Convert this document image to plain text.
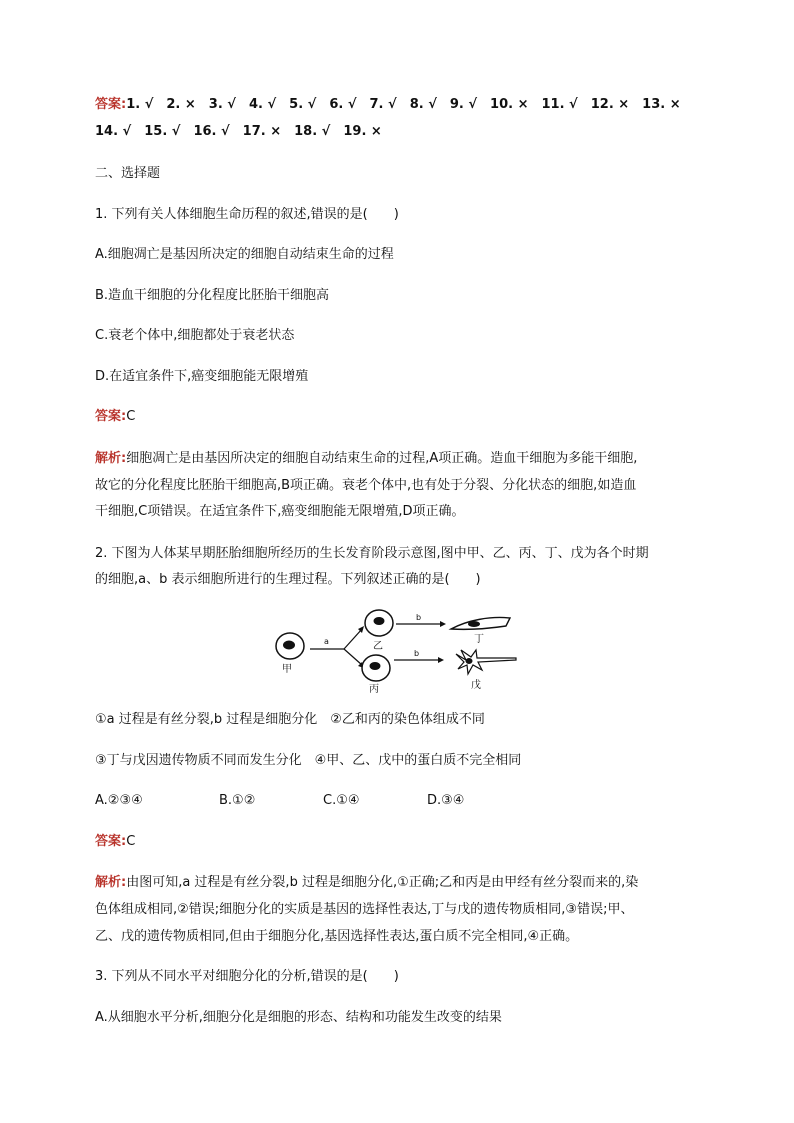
答案:1. √　2. ×　3. √　4. √　5. √　6. √　7. √　8. √　9. √　10. ×　11. √　12. ×　13. ×
14. √　15. √　16. √　17. ×　18. √　19. ×
二、选择题
1. 下列有关人体细胞生命历程的叙述,错误的是(　　)
A.细胞凋亡是基因所决定的细胞自动结束生命的过程
B.造血干细胞的分化程度比胚胎干细胞高
C.衰老个体中,细胞都处于衰老状态
D.在适宜条件下,癌变细胞能无限增殖
答案:C
解析:细胞凋亡是由基因所决定的细胞自动结束生命的过程,A项正确。造血干细胞为多能干细胞,
故它的分化程度比胚胎干细胞高,B项正确。衰老个体中,也有处于分裂、分化状态的细胞,如造血
干细胞,C项错误。在适宜条件下,癌变细胞能无限增殖,D项正确。
2. 下图为人体某早期胚胎细胞所经历的生长发育阶段示意图,图中甲、乙、丙、丁、戊为各个时期
的细胞,a、b 表示细胞所进行的生理过程。下列叙述正确的是(　　)
甲
a	乙
丙
b
b
丁
戊
①a 过程是有丝分裂,b 过程是细胞分化　②乙和丙的染色体组成不同
③丁与戊因遗传物质不同而发生分化　④甲、乙、戊中的蛋白质不完全相同
A.②③④	B.①②	C.①④	D.③④
答案:C
解析:由图可知,a 过程是有丝分裂,b 过程是细胞分化,①正确;乙和丙是由甲经有丝分裂而来的,染
色体组成相同,②错误;细胞分化的实质是基因的选择性表达,丁与戊的遗传物质相同,③错误;甲、
乙、戊的遗传物质相同,但由于细胞分化,基因选择性表达,蛋白质不完全相同,④正确。
3. 下列从不同水平对细胞分化的分析,错误的是(　　)
A.从细胞水平分析,细胞分化是细胞的形态、结构和功能发生改变的结果
